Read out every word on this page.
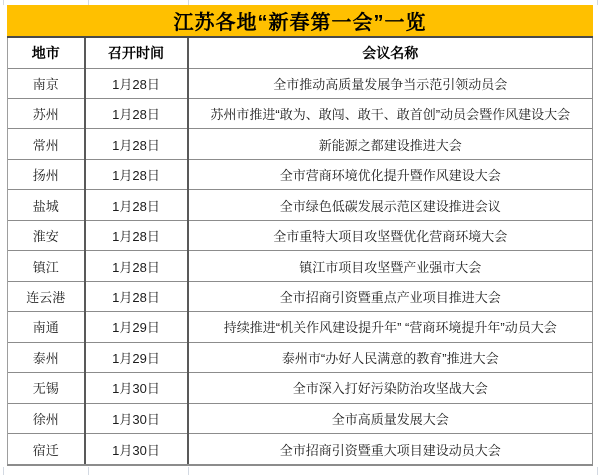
江苏各地“新春第一会”一览
地市	召开时间	会议名称
南京	1月28日	全市推动高质量发展争当示范引领动员会
苏州	1月28日	苏州市推进“敢为、敢闯、敢干、敢首创”动员会暨作风建设大会
常州	1月28日	新能源之都建设推进大会
扬州	1月28日	全市营商环境优化提升暨作风建设大会
盐城	1月28日	全市绿色低碳发展示范区建设推进会议
淮安	1月28日	全市重特大项目攻坚暨优化营商环境大会
镇江	1月28日	镇江市项目攻坚暨产业强市大会
连云港	1月28日	全市招商引资暨重点产业项目推进大会
南通	1月29日	持续推进“机关作风建设提升年” “营商环境提升年”动员大会
泰州	1月29日	泰州市“办好人民满意的教育”推进大会
无锡	1月30日	全市深入打好污染防治攻坚战大会
徐州	1月30日	全市高质量发展大会
宿迁	1月30日	全市招商引资暨重大项目建设动员大会
